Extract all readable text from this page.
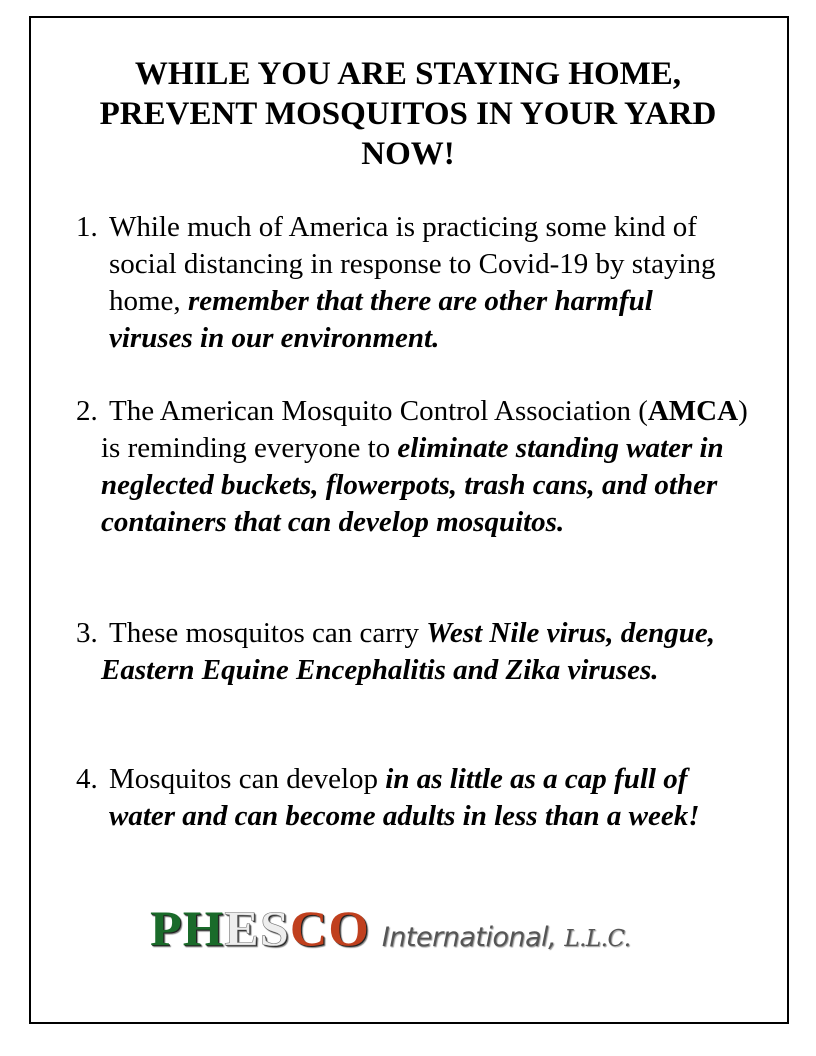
WHILE YOU ARE STAYING HOME,
PREVENT MOSQUITOS IN YOUR YARD
NOW!
1. While much of America is practicing some kind of social distancing in response to Covid-19 by staying home, remember that there are other harmful viruses in our environment.
2. The American Mosquito Control Association (AMCA) is reminding everyone to eliminate standing water in neglected buckets, flowerpots, trash cans, and other containers that can develop mosquitos.
3. These mosquitos can carry West Nile virus, dengue, Eastern Equine Encephalitis and Zika viruses.
4. Mosquitos can develop in as little as a cap full of water and can become adults in less than a week!
PHESCO International, L.L.C.
